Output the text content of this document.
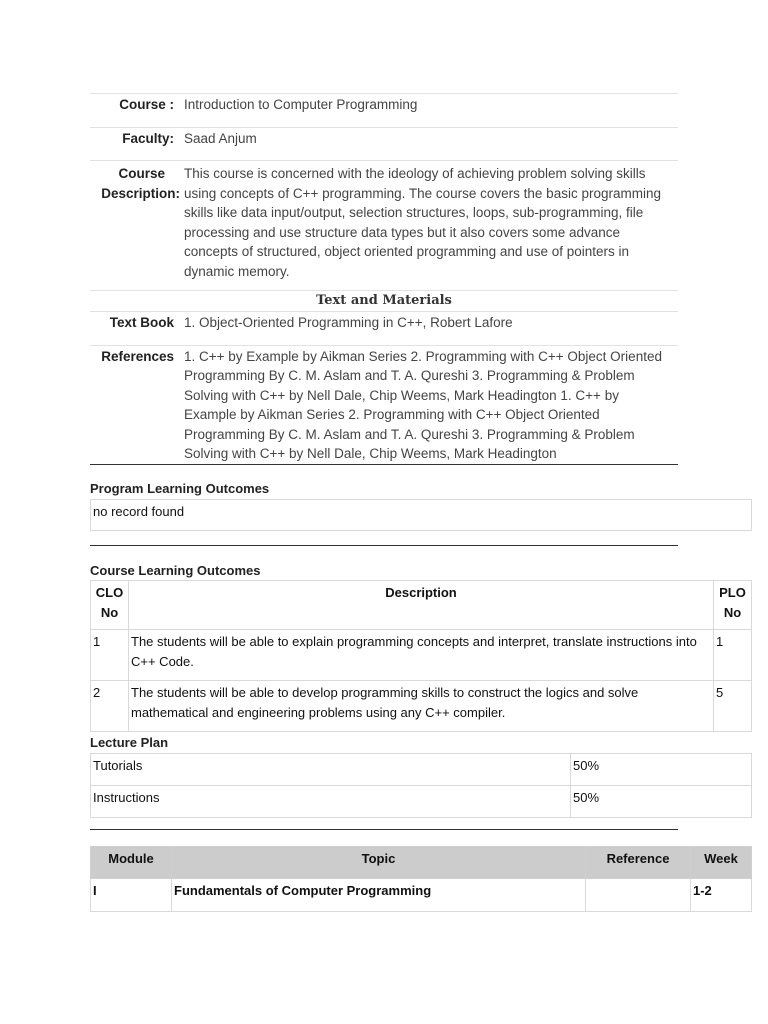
Course :	Introduction to Computer Programming
Faculty:	Saad Anjum
Course
Description:	This course is concerned with the ideology of achieving problem solving skills using concepts of C++ programming. The course covers the basic programming skills like data input/output, selection structures, loops, sub-programming, file processing and use structure data types but it also covers some advance concepts of structured, object oriented programming and use of pointers in dynamic memory.
Text and Materials	
Text Book	1. Object-Oriented Programming in C++, Robert Lafore
References	1. C++ by Example by Aikman Series 2. Programming with C++ Object Oriented Programming By C. M. Aslam and T. A. Qureshi 3. Programming & Problem Solving with C++ by Nell Dale, Chip Weems, Mark Headington 1. C++ by Example by Aikman Series 2. Programming with C++ Object Oriented Programming By C. M. Aslam and T. A. Qureshi 3. Programming & Problem Solving with C++ by Nell Dale, Chip Weems, Mark Headington
Program Learning Outcomes
no record found
Course Learning Outcomes
CLO No	Description	PLO No
1	The students will be able to explain programming concepts and interpret, translate instructions into C++ Code.	1
2	The students will be able to develop programming skills to construct the logics and solve mathematical and engineering problems using any C++ compiler.	5
Lecture Plan
Tutorials	50%
Instructions	50%
Module	Topic	Reference	Week
I	Fundamentals of Computer Programming		1-2
